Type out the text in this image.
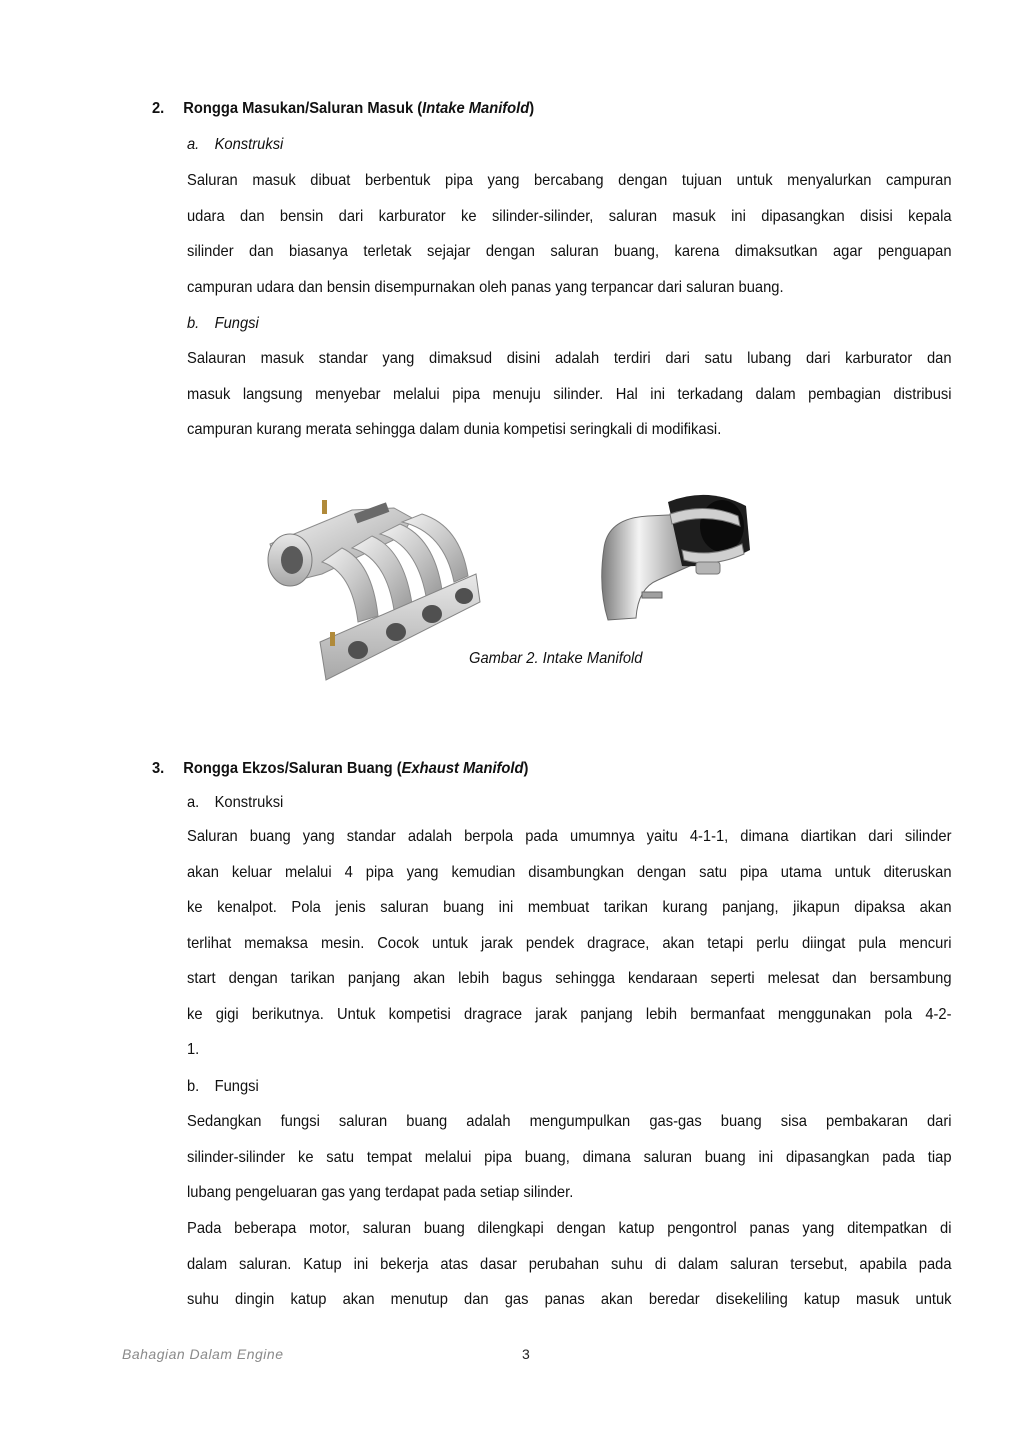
2. Rongga Masukan/Saluran Masuk (Intake Manifold)
a. Konstruksi
Saluran masuk dibuat berbentuk pipa yang bercabang dengan tujuan untuk menyalurkan campuran
udara dan bensin dari karburator ke silinder-silinder, saluran masuk ini dipasangkan disisi kepala
silinder dan biasanya terletak sejajar dengan saluran buang, karena dimaksutkan agar penguapan
campuran udara dan bensin disempurnakan oleh panas yang terpancar dari saluran buang.
b. Fungsi
Salauran masuk standar yang dimaksud disini adalah terdiri dari satu lubang dari karburator dan
masuk langsung menyebar melalui pipa menuju silinder. Hal ini terkadang dalam pembagian distribusi
campuran kurang merata sehingga dalam dunia kompetisi seringkali di modifikasi.
Gambar 2. Intake Manifold
3. Rongga Ekzos/Saluran Buang (Exhaust Manifold)
a. Konstruksi
Saluran buang yang standar adalah berpola pada umumnya yaitu 4-1-1, dimana diartikan dari silinder
akan keluar melalui 4 pipa yang kemudian disambungkan dengan satu pipa utama untuk diteruskan
ke kenalpot. Pola jenis saluran buang ini membuat tarikan kurang panjang, jikapun dipaksa akan
terlihat memaksa mesin. Cocok untuk jarak pendek dragrace, akan tetapi perlu diingat pula mencuri
start dengan tarikan panjang akan lebih bagus sehingga kendaraan seperti melesat dan bersambung
ke gigi berikutnya. Untuk kompetisi dragrace jarak panjang lebih bermanfaat menggunakan pola 4-2-
1.
b. Fungsi
Sedangkan fungsi saluran buang adalah mengumpulkan gas-gas buang sisa pembakaran dari
silinder-silinder ke satu tempat melalui pipa buang, dimana saluran buang ini dipasangkan pada tiap
lubang pengeluaran gas yang terdapat pada setiap silinder.
Pada beberapa motor, saluran buang dilengkapi dengan katup pengontrol panas yang ditempatkan di
dalam saluran. Katup ini bekerja atas dasar perubahan suhu di dalam saluran tersebut, apabila pada
suhu dingin katup akan menutup dan gas panas akan beredar disekeliling katup masuk untuk
Bahagian Dalam Engine	3
